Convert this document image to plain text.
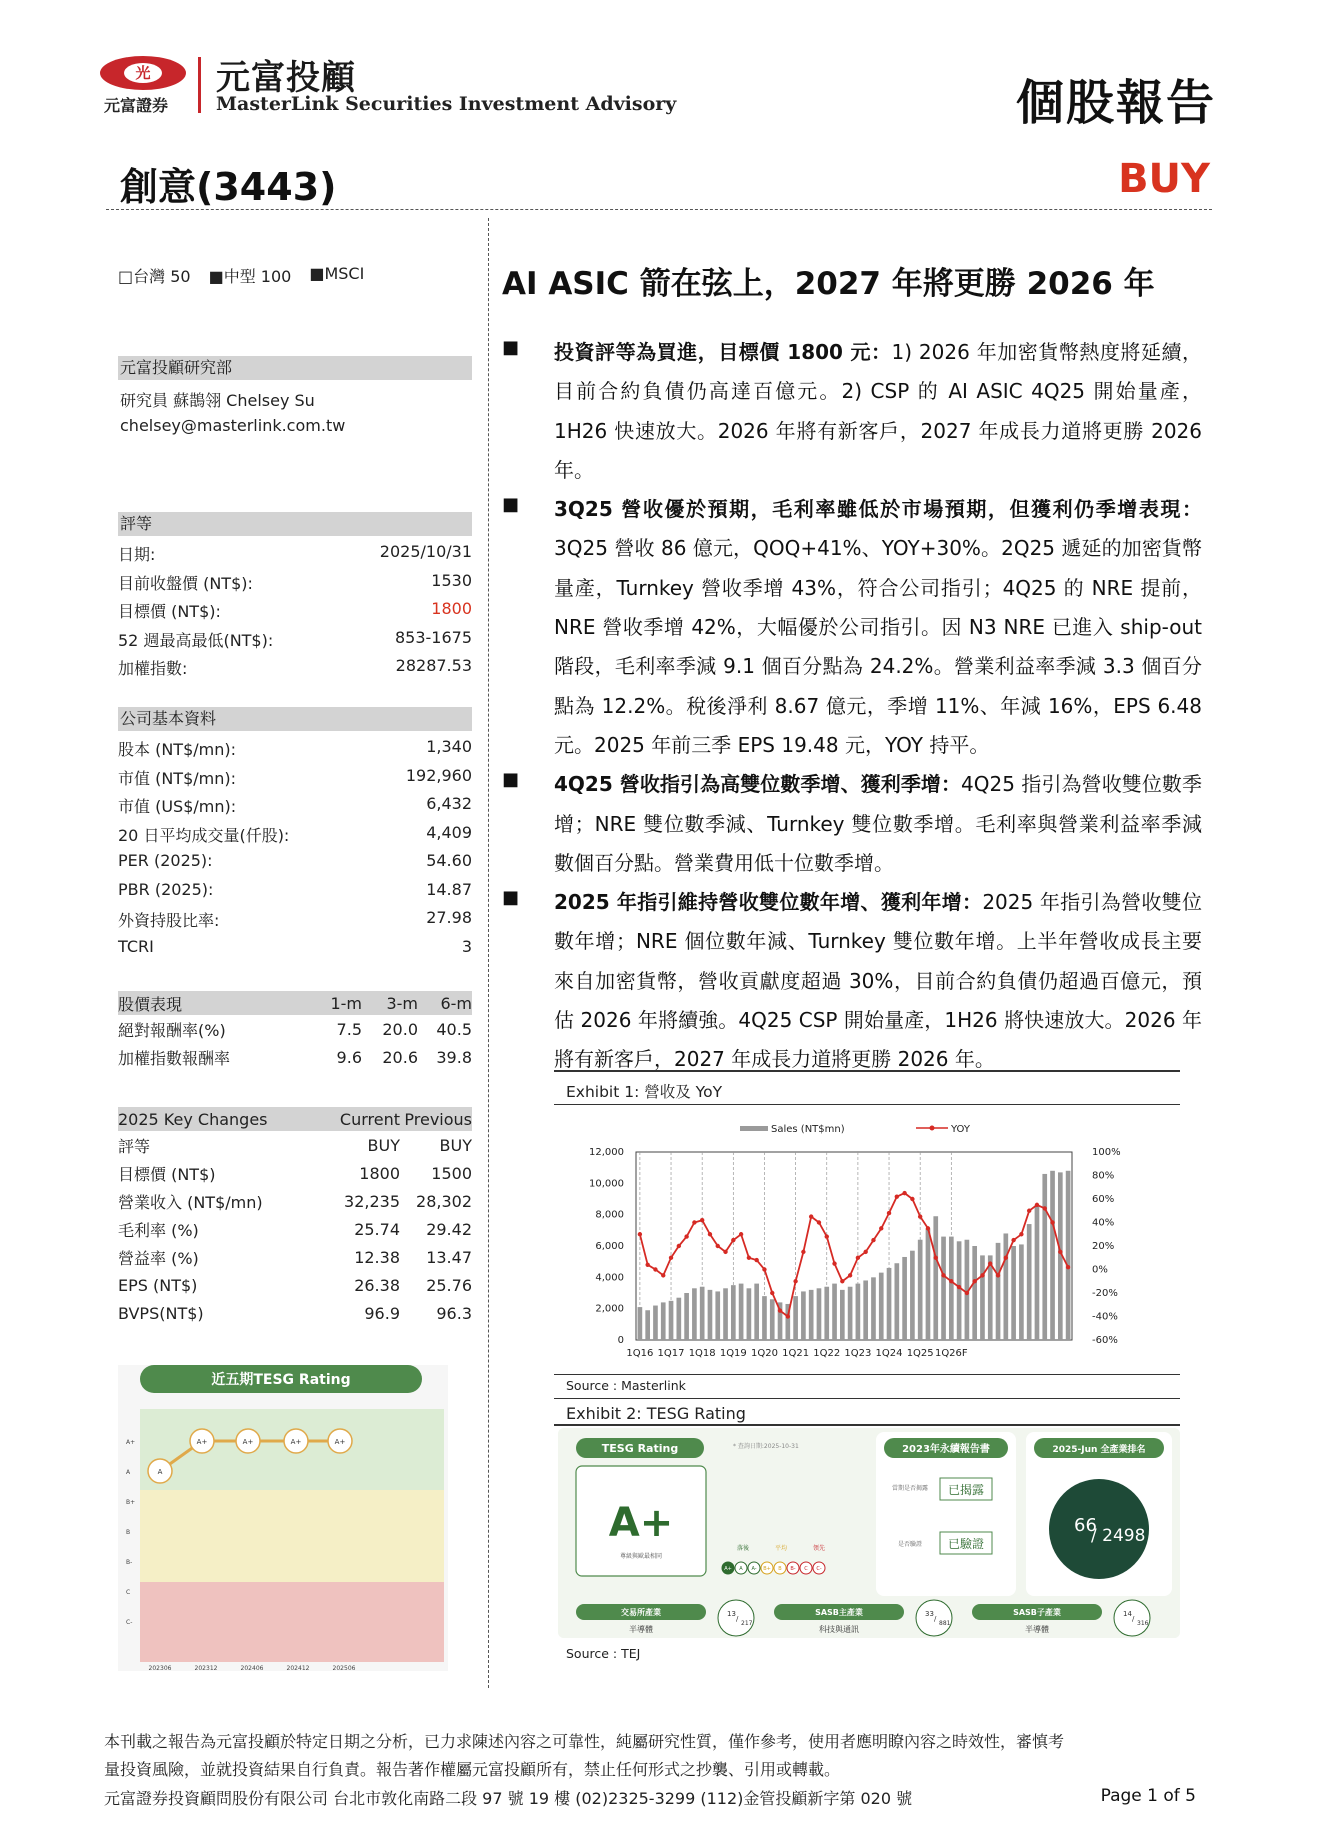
光
元富證券
元富投顧
MasterLink Securities Investment Advisory	個股報告
創意(3443)	BUY
□台灣 50 ■中型 100 ■MSCI
元富投顧研究部
研究員 蘇鵲翎 Chelsey Su
chelsey@masterlink.com.tw
評等
日期:	2025/10/31
目前收盤價 (NT$):	1530
目標價 (NT$):	1800
52 週最高最低(NT$):	853-1675
加權指數:	28287.53
公司基本資料
股本 (NT$/mn):	1,340
市值 (NT$/mn):	192,960
市值 (US$/mn):	6,432
20 日平均成交量(仟股):	4,409
PER (2025):	54.60
PBR (2025):	14.87
外資持股比率:	27.98
TCRI	3
股價表現	1-m	3-m	6-m
絕對報酬率(%)	7.5	20.0	40.5
加權指數報酬率	9.6	20.6	39.8
2025 Key Changes	Current Previous
評等	BUY	BUY
目標價 (NT$)	1800	1500
營業收入 (NT$/mn)	32,235	28,302
毛利率 (%)	25.74	29.42
營益率 (%)	12.38	13.47
EPS (NT$)	26.38	25.76
BVPS(NT$)	96.9	96.3
近五期TESG Rating
A+
A
B+
B
B-
C
C-
202306	202312	202406	202412	202506
A
A+	A+	A+	A+
AI ASIC 箭在弦上，2027 年將更勝 2026 年
■	投資評等為買進，目標價 1800 元：1) 2026 年加密貨幣熱度將延續，目前合約負債仍高達百億元。2) CSP 的 AI ASIC 4Q25 開始量產，1H26 快速放大。2026 年將有新客戶，2027 年成長力道將更勝 2026 年。
■	3Q25 營收優於預期，毛利率雖低於市場預期，但獲利仍季增表現：3Q25 營收 86 億元，QOQ+41%、YOY+30%。2Q25 遞延的加密貨幣量產，Turnkey 營收季增 43%，符合公司指引；4Q25 的 NRE 提前，NRE 營收季增 42%，大幅優於公司指引。因 N3 NRE 已進入 ship-out 階段，毛利率季減 9.1 個百分點為 24.2%。營業利益率季減 3.3 個百分點為 12.2%。稅後淨利 8.67 億元，季增 11%、年減 16%，EPS 6.48 元。2025 年前三季 EPS 19.48 元，YOY 持平。
■	4Q25 營收指引為高雙位數季增、獲利季增：4Q25 指引為營收雙位數季增；NRE 雙位數季減、Turnkey 雙位數季增。毛利率與營業利益率季減數個百分點。營業費用低十位數季增。
■	2025 年指引維持營收雙位數年增、獲利年增：2025 年指引為營收雙位數年增；NRE 個位數年減、Turnkey 雙位數年增。上半年營收成長主要來自加密貨幣，營收貢獻度超過 30%，目前合約負債仍超過百億元，預估 2026 年將續強。4Q25 CSP 開始量產，1H26 將快速放大。2026 年將有新客戶，2027 年成長力道將更勝 2026 年。
Exhibit 1: 營收及 YoY
Sales (NT$mn)	YOY
12,000
10,000
8,000
6,000
4,000
2,000
0
100%
80%
60%
40%
20%
0%
-20%
-40%
-60%
1Q16 1Q17 1Q18 1Q19 1Q20 1Q21 1Q22 1Q23 1Q24 1Q25 1Q26F
Source : Masterlink
Exhibit 2: TESG Rating
TESG Rating	* 查詢日期:2025-10-31
A+
尊級與歐最相同
落後	平均	領先
A+ A A- B+ B B- C C-
2023年永續報告書
當期是否揭露 已揭露
是否驗證 已驗證
2025-Jun 全產業排名
66
/ 2498
交易所產業
半導體
13
/
217
SASB主產業
科技與通訊
33
/
881
SASB子產業
半導體
14
/
316
Source : TEJ
本刊載之報告為元富投顧於特定日期之分析，已力求陳述內容之可靠性，純屬研究性質，僅作參考，使用者應明瞭內容之時效性，審慎考
量投資風險，並就投資結果自行負責。報告著作權屬元富投顧所有，禁止任何形式之抄襲、引用或轉載。
元富證券投資顧問股份有限公司 台北市敦化南路二段 97 號 19 樓 (02)2325-3299 (112)金管投顧新字第 020 號	Page 1 of 5
